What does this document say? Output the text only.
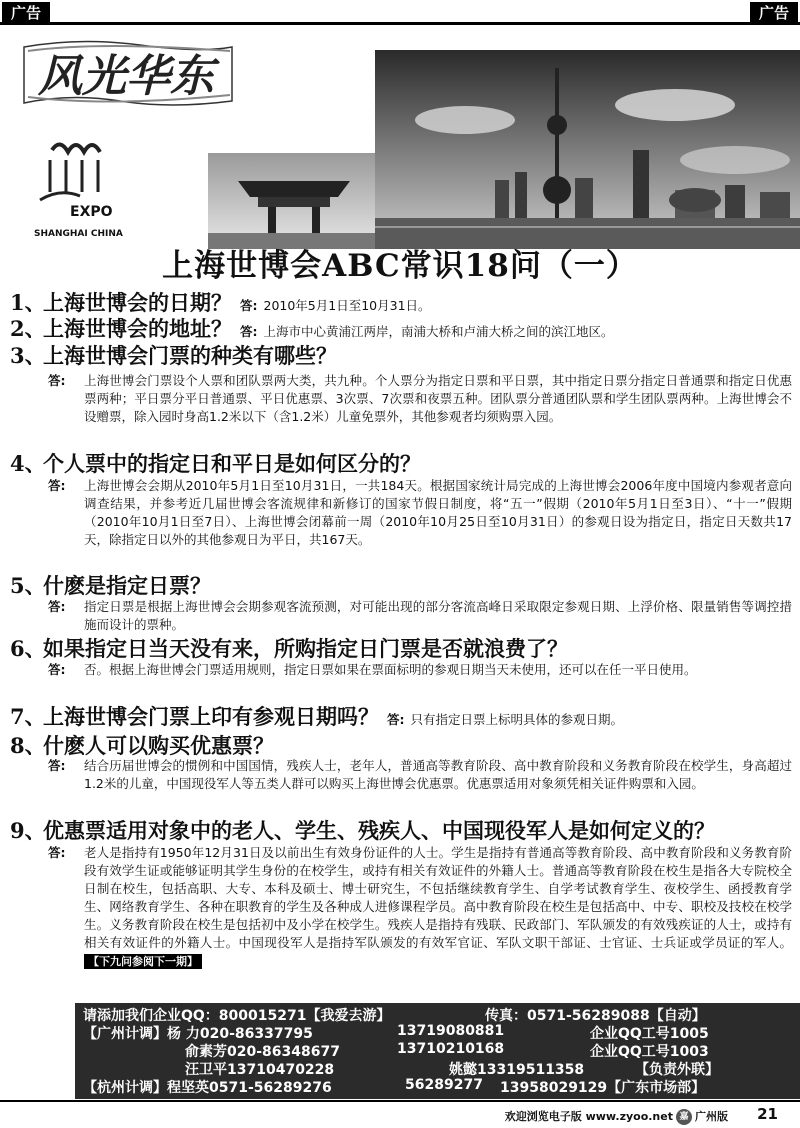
广告	广告
风光华东
EXPO
SHANGHAI CHINA
上海世博会ABC常识18问（一）
1、上海世博会的日期？ 答: 2010年5月1日至10月31日。
2、上海世博会的地址？ 答: 上海市中心黄浦江两岸，南浦大桥和卢浦大桥之间的滨江地区。
3、上海世博会门票的种类有哪些？
答: 上海世博会门票设个人票和团队票两大类，共九种。个人票分为指定日票和平日票，其中指定日票分指定日普通票和指定日优惠票两种；平日票分平日普通票、平日优惠票、3次票、7次票和夜票五种。团队票分普通团队票和学生团队票两种。上海世博会不设赠票，除入园时身高1.2米以下（含1.2米）儿童免票外，其他参观者均须购票入园。
4、个人票中的指定日和平日是如何区分的？
答: 上海世博会会期从2010年5月1日至10月31日，一共184天。根据国家统计局完成的上海世博会2006年度中国境内参观者意向调查结果，并参考近几届世博会客流规律和新修订的国家节假日制度，将“五一”假期（2010年5月1日至3日）、“十一”假期（2010年10月1日至7日）、上海世博会闭幕前一周（2010年10月25日至10月31日）的参观日设为指定日，指定日天数共17天，除指定日以外的其他参观日为平日，共167天。
5、什麽是指定日票？
答: 指定日票是根据上海世博会会期参观客流预测，对可能出现的部分客流高峰日采取限定参观日期、上浮价格、限量销售等调控措施而设计的票种。
6、如果指定日当天没有来，所购指定日门票是否就浪费了？
答: 否。根据上海世博会门票适用规则，指定日票如果在票面标明的参观日期当天未使用，还可以在任一平日使用。
7、上海世博会门票上印有参观日期吗？ 答: 只有指定日票上标明具体的参观日期。
8、什麽人可以购买优惠票？
答: 结合历届世博会的惯例和中国国情，残疾人士，老年人，普通高等教育阶段、高中教育阶段和义务教育阶段在校学生，身高超过1.2米的儿童，中国现役军人等五类人群可以购买上海世博会优惠票。优惠票适用对象须凭相关证件购票和入园。
9、优惠票适用对象中的老人、学生、残疾人、中国现役军人是如何定义的？
答: 老人是指持有1950年12月31日及以前出生有效身份证件的人士。学生是指持有普通高等教育阶段、高中教育阶段和义务教育阶段有效学生证或能够证明其学生身份的在校学生，或持有相关有效证件的外籍人士。普通高等教育阶段在校生是指各大专院校全日制在校生，包括高职、大专、本科及硕士、博士研究生，不包括继续教育学生、自学考试教育学生、夜校学生、函授教育学生、网络教育学生、各种在职教育的学生及各种成人进修课程学员。高中教育阶段在校生是包括高中、中专、职校及技校在校学生。义务教育阶段在校生是包括初中及小学在校学生。残疾人是指持有残联、民政部门、军队颁发的有效残疾证的人士，或持有相关有效证件的外籍人士。中国现役军人是指持军队颁发的有效军官证、军队文职干部证、士官证、士兵证或学员证的军人。【下九问参阅下一期】
请添加我们企业QQ：800015271【我爱去游】	传真：0571-56289088【自动】
【广州计调】杨 力020-86337795	13719080881	企业QQ工号1005
俞素芳020-86348677	13710210168	企业QQ工号1003
汪卫平13710470228	姚懿13319511358	【负责外联】
【杭州计调】程坚英0571-56289276	56289277 13958029129【广东市场部】
欢迎浏览电子版 www.zyoo.net 嘉 广州版 21
